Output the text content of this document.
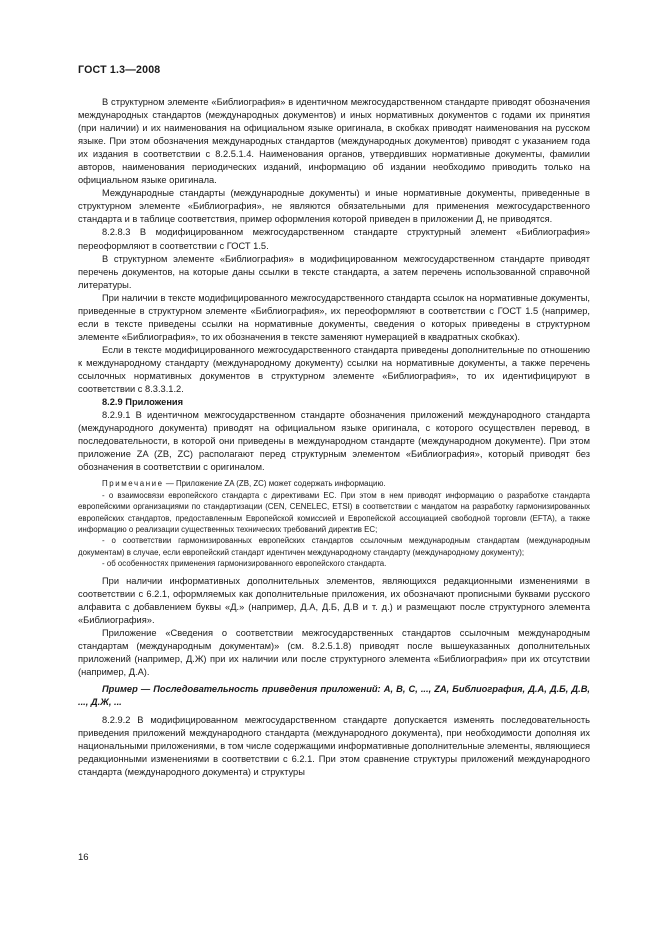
ГОСТ 1.3—2008

В структурном элементе «Библиография» в идентичном межгосударственном стандарте приводят обозначения международных стандартов (международных документов) и иных нормативных документов с годами их принятия (при наличии) и их наименования на официальном языке оригинала, в скобках приводят наименования на русском языке. При этом обозначения международных стандартов (международных документов) приводят с указанием года их издания в соответствии с 8.2.5.1.4. Наименования органов, утвердивших нормативные документы, фамилии авторов, наименования периодических изданий, информацию об издании необходимо приводить только на официальном языке оригинала.

Международные стандарты (международные документы) и иные нормативные документы, приведенные в структурном элементе «Библиография», не являются обязательными для применения межгосударственного стандарта и в таблице соответствия, пример оформления которой приведен в приложении Д, не приводятся.

8.2.8.3 В модифицированном межгосударственном стандарте структурный элемент «Библиография» переоформляют в соответствии с ГОСТ 1.5.

В структурном элементе «Библиография» в модифицированном межгосударственном стандарте приводят перечень документов, на которые даны ссылки в тексте стандарта, а затем перечень использованной справочной литературы.

При наличии в тексте модифицированного межгосударственного стандарта ссылок на нормативные документы, приведенные в структурном элементе «Библиография», их переоформляют в соответствии с ГОСТ 1.5 (например, если в тексте приведены ссылки на нормативные документы, сведения о которых приведены в структурном элементе «Библиография», то их обозначения в тексте заменяют нумерацией в квадратных скобках).

Если в тексте модифицированного межгосударственного стандарта приведены дополнительные по отношению к международному стандарту (международному документу) ссылки на нормативные документы, а также перечень ссылочных нормативных документов в структурном элементе «Библиография», то их идентифицируют в соответствии с 8.3.3.1.2.

8.2.9 Приложения

8.2.9.1 В идентичном межгосударственном стандарте обозначения приложений международного стандарта (международного документа) приводят на официальном языке оригинала, с которого осуществлен перевод, в последовательности, в которой они приведены в международном стандарте (международном документе). При этом приложение ZA (ZB, ZC) располагают перед структурным элементом «Библиография», который приводят без обозначения в соответствии с оригиналом.

Примечание — Приложение ZA (ZB, ZC) может содержать информацию.

- о взаимосвязи европейского стандарта с директивами ЕС. При этом в нем приводят информацию о разработке стандарта европейскими организациями по стандартизации (CEN, CENELEC, ETSI) в соответствии с мандатом на разработку гармонизированных европейских стандартов, предоставленным Европейской комиссией и Европейской ассоциацией свободной торговли (EFTA), а также информацию о реализации существенных технических требований директив ЕС;

- о соответствии гармонизированных европейских стандартов ссылочным международным стандартам (международным документам) в случае, если европейский стандарт идентичен международному стандарту (международному документу);

- об особенностях применения гармонизированного европейского стандарта.

При наличии информативных дополнительных элементов, являющихся редакционными изменениями в соответствии с 6.2.1, оформляемых как дополнительные приложения, их обозначают прописными буквами русского алфавита с добавлением буквы «Д.» (например, Д.А, Д.Б, Д.В и т. д.) и размещают после структурного элемента «Библиография».

Приложение «Сведения о соответствии межгосударственных стандартов ссылочным международным стандартам (международным документам)» (см. 8.2.5.1.8) приводят после вышеуказанных дополнительных приложений (например, Д.Ж) при их наличии или после структурного элемента «Библиография» при их отсутствии (например, Д.А).

Пример — Последовательность приведения приложений: А, В, С, ..., ZA, Библиография, Д.А, Д.Б, Д.В, ..., Д.Ж, ...

8.2.9.2 В модифицированном межгосударственном стандарте допускается изменять последовательность приведения приложений международного стандарта (международного документа), при необходимости дополняя их национальными приложениями, в том числе содержащими информативные дополнительные элементы, являющиеся редакционными изменениями в соответствии с 6.2.1. При этом сравнение структуры приложений международного стандарта (международного документа) и структуры

16
